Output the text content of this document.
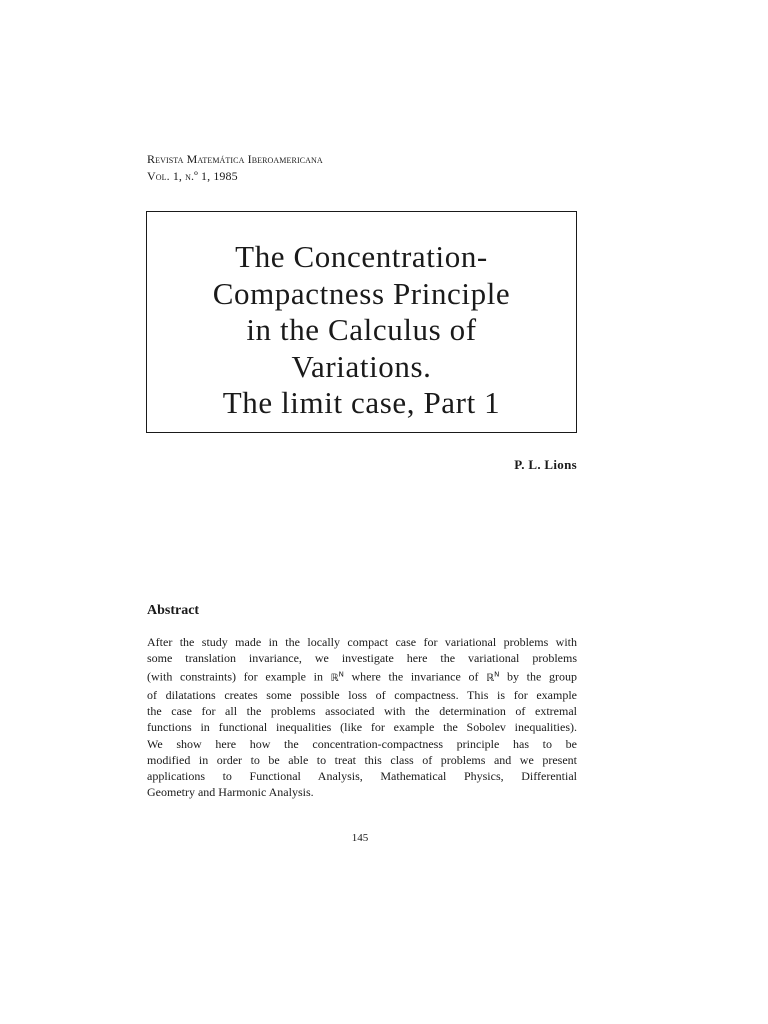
Revista Matemática Iberoamericana
Vol. 1, n.º 1, 1985
The Concentration-
Compactness Principle
in the Calculus of
Variations.
The limit case, Part 1
P. L. Lions
Abstract
After the study made in the locally compact case for variational problems with
some translation invariance, we investigate here the variational problems
(with constraints) for example in ℝ$^N$ where the invariance of ℝ$^N$ by the group
of dilatations creates some possible loss of compactness. This is for example
the case for all the problems associated with the determination of extremal
functions in functional inequalities (like for example the Sobolev inequalities).
We show here how the concentration-compactness principle has to be
modified in order to be able to treat this class of problems and we present
applications to Functional Analysis, Mathematical Physics, Differential
Geometry and Harmonic Analysis.
145
